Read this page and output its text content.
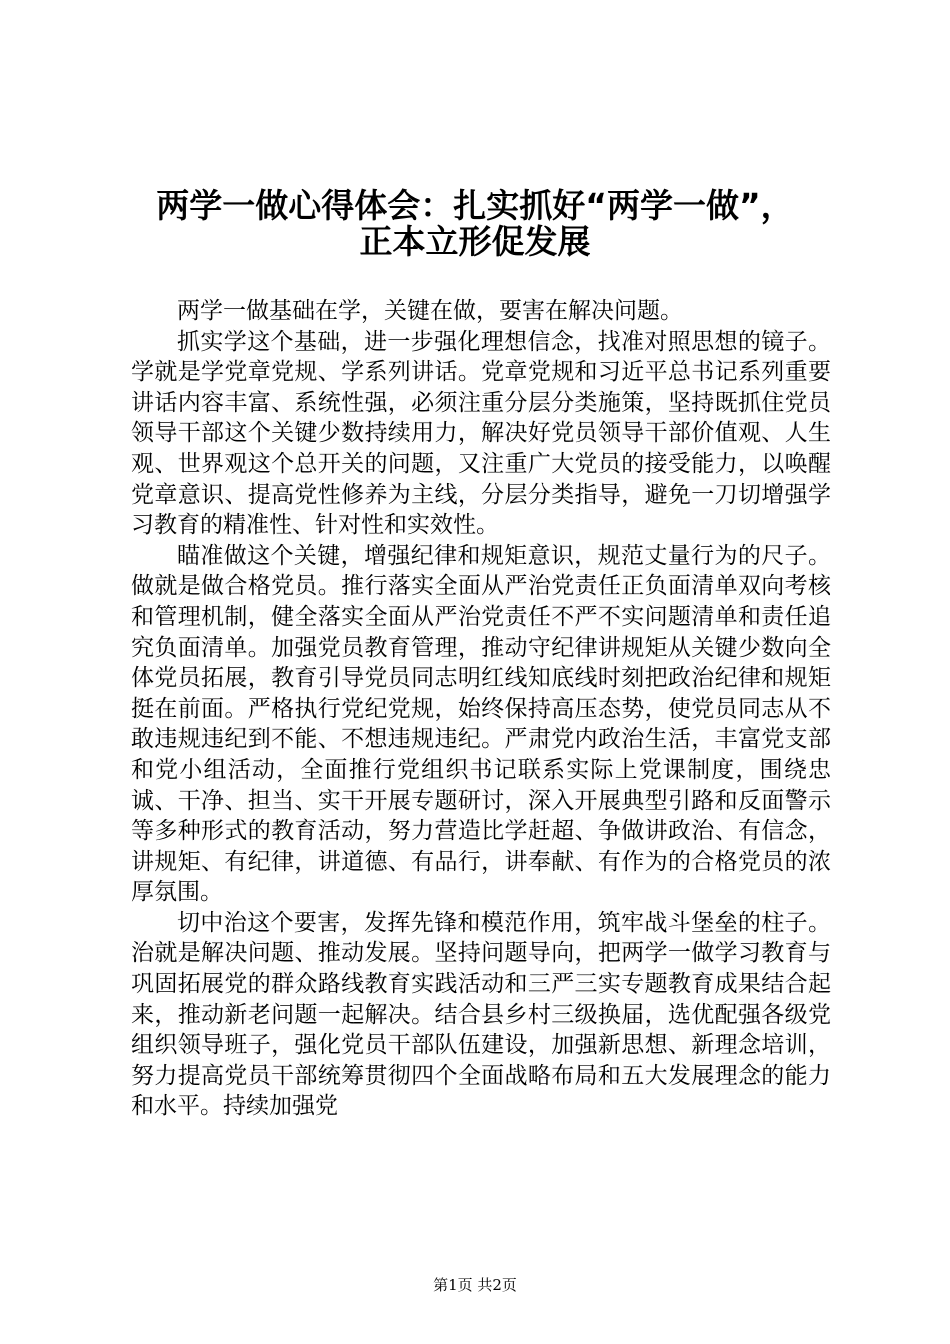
两学一做心得体会：扎实抓好“两学一做”，
正本立形促发展

两学一做基础在学，关键在做，要害在解决问题。

抓实学这个基础，进一步强化理想信念，找准对照思想的镜子。学就是学党章党规、学系列讲话。党章党规和习近平总书记系列重要讲话内容丰富、系统性强，必须注重分层分类施策，坚持既抓住党员领导干部这个关键少数持续用力，解决好党员领导干部价值观、人生观、世界观这个总开关的问题，又注重广大党员的接受能力，以唤醒党章意识、提高党性修养为主线，分层分类指导，避免一刀切增强学习教育的精准性、针对性和实效性。

瞄准做这个关键，增强纪律和规矩意识，规范丈量行为的尺子。做就是做合格党员。推行落实全面从严治党责任正负面清单双向考核和管理机制，健全落实全面从严治党责任不严不实问题清单和责任追究负面清单。加强党员教育管理，推动守纪律讲规矩从关键少数向全体党员拓展，教育引导党员同志明红线知底线时刻把政治纪律和规矩挺在前面。严格执行党纪党规，始终保持高压态势，使党员同志从不敢违规违纪到不能、不想违规违纪。严肃党内政治生活，丰富党支部和党小组活动，全面推行党组织书记联系实际上党课制度，围绕忠诚、干净、担当、实干开展专题研讨，深入开展典型引路和反面警示等多种形式的教育活动，努力营造比学赶超、争做讲政治、有信念，讲规矩、有纪律，讲道德、有品行，讲奉献、有作为的合格党员的浓厚氛围。

切中治这个要害，发挥先锋和模范作用，筑牢战斗堡垒的柱子。治就是解决问题、推动发展。坚持问题导向，把两学一做学习教育与巩固拓展党的群众路线教育实践活动和三严三实专题教育成果结合起来，推动新老问题一起解决。结合县乡村三级换届，选优配强各级党组织领导班子，强化党员干部队伍建设，加强新思想、新理念培训，努力提高党员干部统筹贯彻四个全面战略布局和五大发展理念的能力和水平。持续加强党

第1页 共2页
